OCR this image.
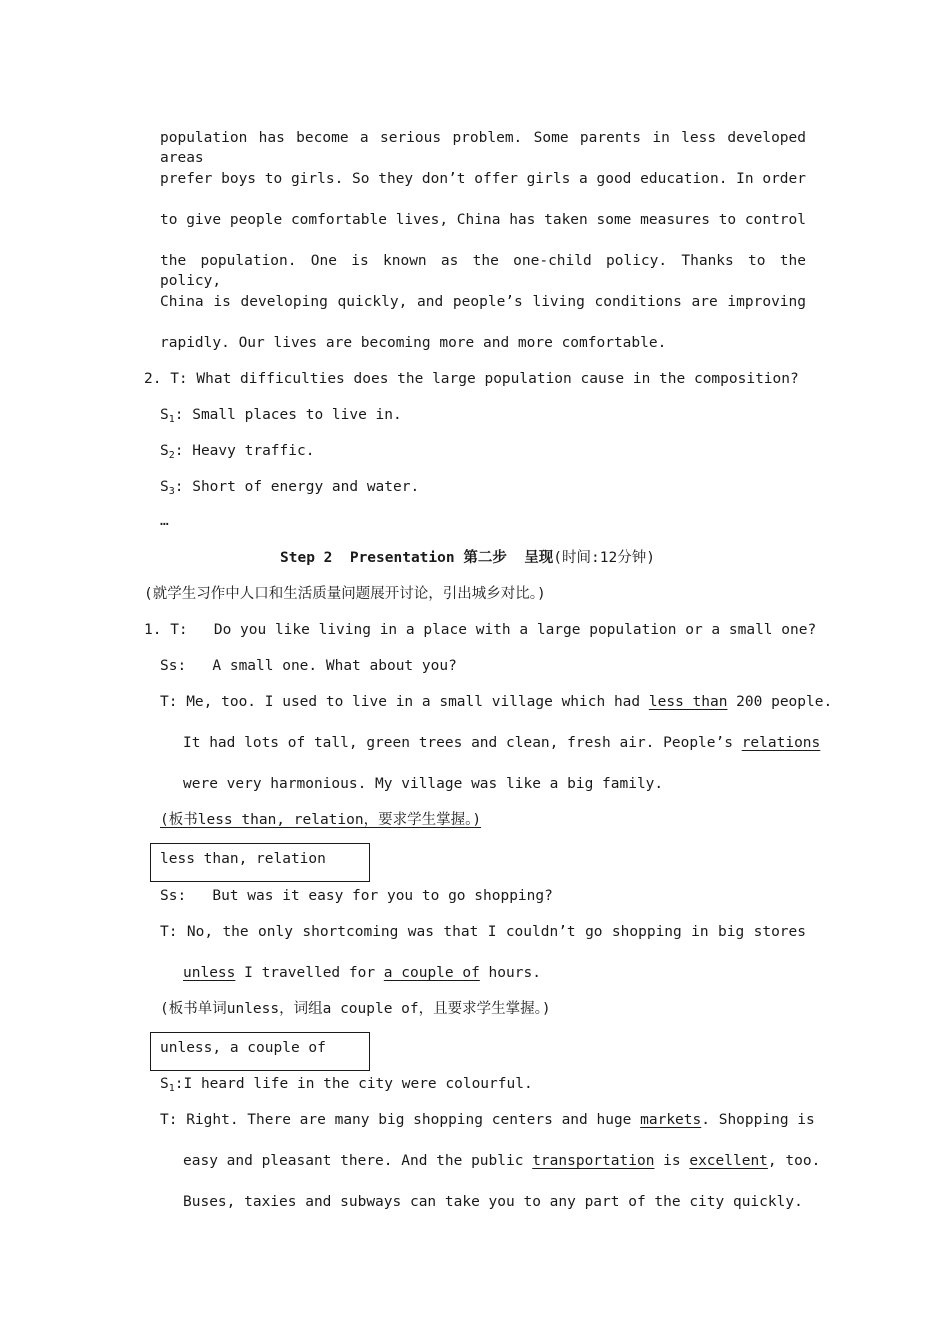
population has become a serious problem. Some parents in less developed areas
prefer boys to girls. So they don’t offer girls a good education. In order
to give people comfortable lives, China has taken some measures to control
the population. One is known as the one-child policy. Thanks to the policy,
China is developing quickly, and people’s living conditions are improving
rapidly. Our lives are becoming more and more comfortable.
2. T: What difficulties does the large population cause in the composition?
$S_1$: Small places to live in.
$S_2$: Heavy traffic.
$S_3$: Short of energy and water.
…
Step 2  Presentation 第二步  呈现(时间:12分钟)
(就学生习作中人口和生活质量问题展开讨论，引出城乡对比。)
1. T:   Do you like living in a place with a large population or a small one?
Ss:   A small one. What about you?
T: Me, too. I used to live in a small village which had less than 200 people.
It had lots of tall, green trees and clean, fresh air. People’s relations
were very harmonious. My village was like a big family.
(板书less than, relation，要求学生掌握。)
less than, relation
Ss:   But was it easy for you to go shopping?
T: No, the only shortcoming was that I couldn’t go shopping in big stores
unless I travelled for a couple of hours.
(板书单词unless，词组a couple of，且要求学生掌握。)
unless, a couple of
$S_1:I$ heard life in the city were colourful.
T: Right. There are many big shopping centers and huge markets. Shopping is
easy and pleasant there. And the public transportation is excellent, too.
Buses, taxies and subways can take you to any part of the city quickly.
